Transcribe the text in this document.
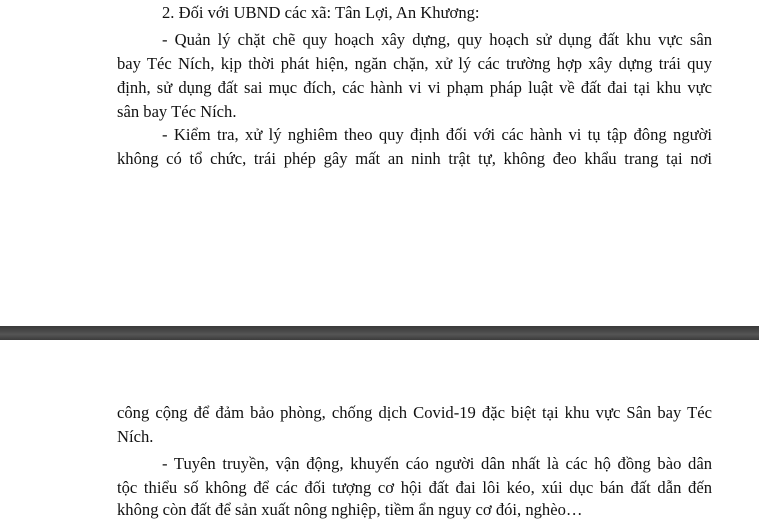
2. Đối với UBND các xã: Tân Lợi, An Khương:

- Quản lý chặt chẽ quy hoạch xây dựng, quy hoạch sử dụng đất khu vực sân

bay Téc Ních, kịp thời phát hiện, ngăn chặn, xử lý các trường hợp xây dựng trái quy

định, sử dụng đất sai mục đích, các hành vi vi phạm pháp luật về đất đai tại khu vực

sân bay Téc Ních.

- Kiểm tra, xử lý nghiêm theo quy định đối với các hành vi tụ tập đông người

không có tổ chức, trái phép gây mất an ninh trật tự, không đeo khẩu trang tại nơi

công cộng để đảm bảo phòng, chống dịch Covid-19 đặc biệt tại khu vực Sân bay Téc

Ních.

- Tuyên truyền, vận động, khuyến cáo người dân nhất là các hộ đồng bào dân

tộc thiểu số không để các đối tượng cơ hội đất đai lôi kéo, xúi dục bán đất dẫn đến

không còn đất để sản xuất nông nghiệp, tiềm ẩn nguy cơ đói, nghèo…
